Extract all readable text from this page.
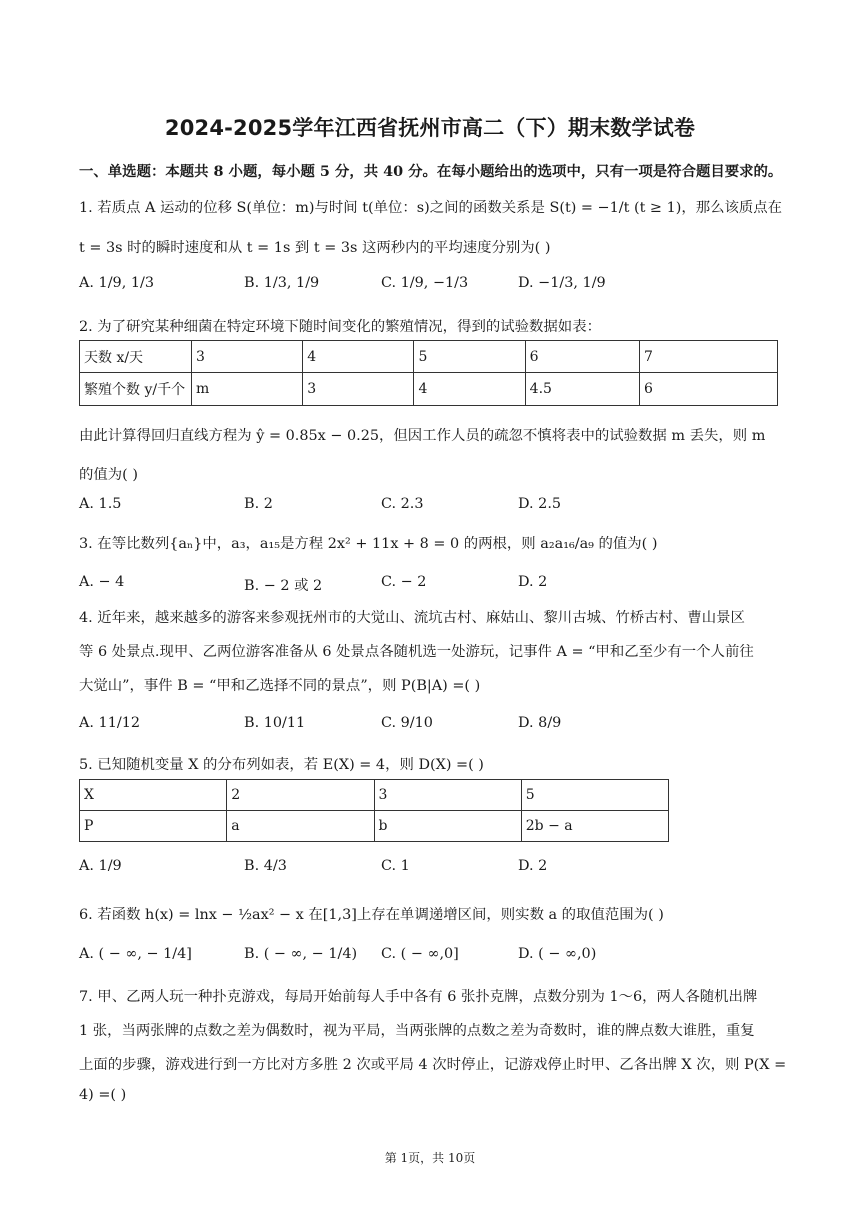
2024-2025学年江西省抚州市高二（下）期末数学试卷
一、单选题：本题共 8 小题，每小题 5 分，共 40 分。在每小题给出的选项中，只有一项是符合题目要求的。
1. 若质点 A 运动的位移 S(单位：m)与时间 t(单位：s)之间的函数关系是 S(t) = −1/t (t ≥ 1)，那么该质点在
t = 3s 时的瞬时速度和从 t = 1s 到 t = 3s 这两秒内的平均速度分别为( )
A. 1/9, 1/3	B. 1/3, 1/9	C. 1/9, −1/3	D. −1/3, 1/9
2. 为了研究某种细菌在特定环境下随时间变化的繁殖情况，得到的试验数据如表：
天数 x/天	3	4	5	6	7
繁殖个数 y/千个	m	3	4	4.5	6
由此计算得回归直线方程为 ŷ = 0.85x − 0.25，但因工作人员的疏忽不慎将表中的试验数据 m 丢失，则 m
的值为( )
A. 1.5	B. 2	C. 2.3	D. 2.5
3. 在等比数列{aₙ}中，a₃，a₁₅是方程 2x² + 11x + 8 = 0 的两根，则 a₂a₁₆/a₉ 的值为( )
A. − 4	B. − 2 或 2	C. − 2	D. 2
4. 近年来，越来越多的游客来参观抚州市的大觉山、流坑古村、麻姑山、黎川古城、竹桥古村、曹山景区
等 6 处景点.现甲、乙两位游客准备从 6 处景点各随机选一处游玩，记事件 A = “甲和乙至少有一个人前往
大觉山”，事件 B = “甲和乙选择不同的景点”，则 P(B|A) =( )
A. 11/12	B. 10/11	C. 9/10	D. 8/9
5. 已知随机变量 X 的分布列如表，若 E(X) = 4，则 D(X) =( )
X	2	3	5
P	a	b	2b − a
A. 1/9	B. 4/3	C. 1	D. 2
6. 若函数 h(x) = lnx − ½ax² − x 在[1,3]上存在单调递增区间，则实数 a 的取值范围为( )
A. ( − ∞, − 1/4]	B. ( − ∞, − 1/4) C. ( − ∞,0]	D. ( − ∞,0)
7. 甲、乙两人玩一种扑克游戏，每局开始前每人手中各有 6 张扑克牌，点数分别为 1～6，两人各随机出牌
1 张，当两张牌的点数之差为偶数时，视为平局，当两张牌的点数之差为奇数时，谁的牌点数大谁胜，重复
上面的步骤，游戏进行到一方比对方多胜 2 次或平局 4 次时停止，记游戏停止时甲、乙各出牌 X 次，则 P(X =
4) =( )
第 1页，共 10页
